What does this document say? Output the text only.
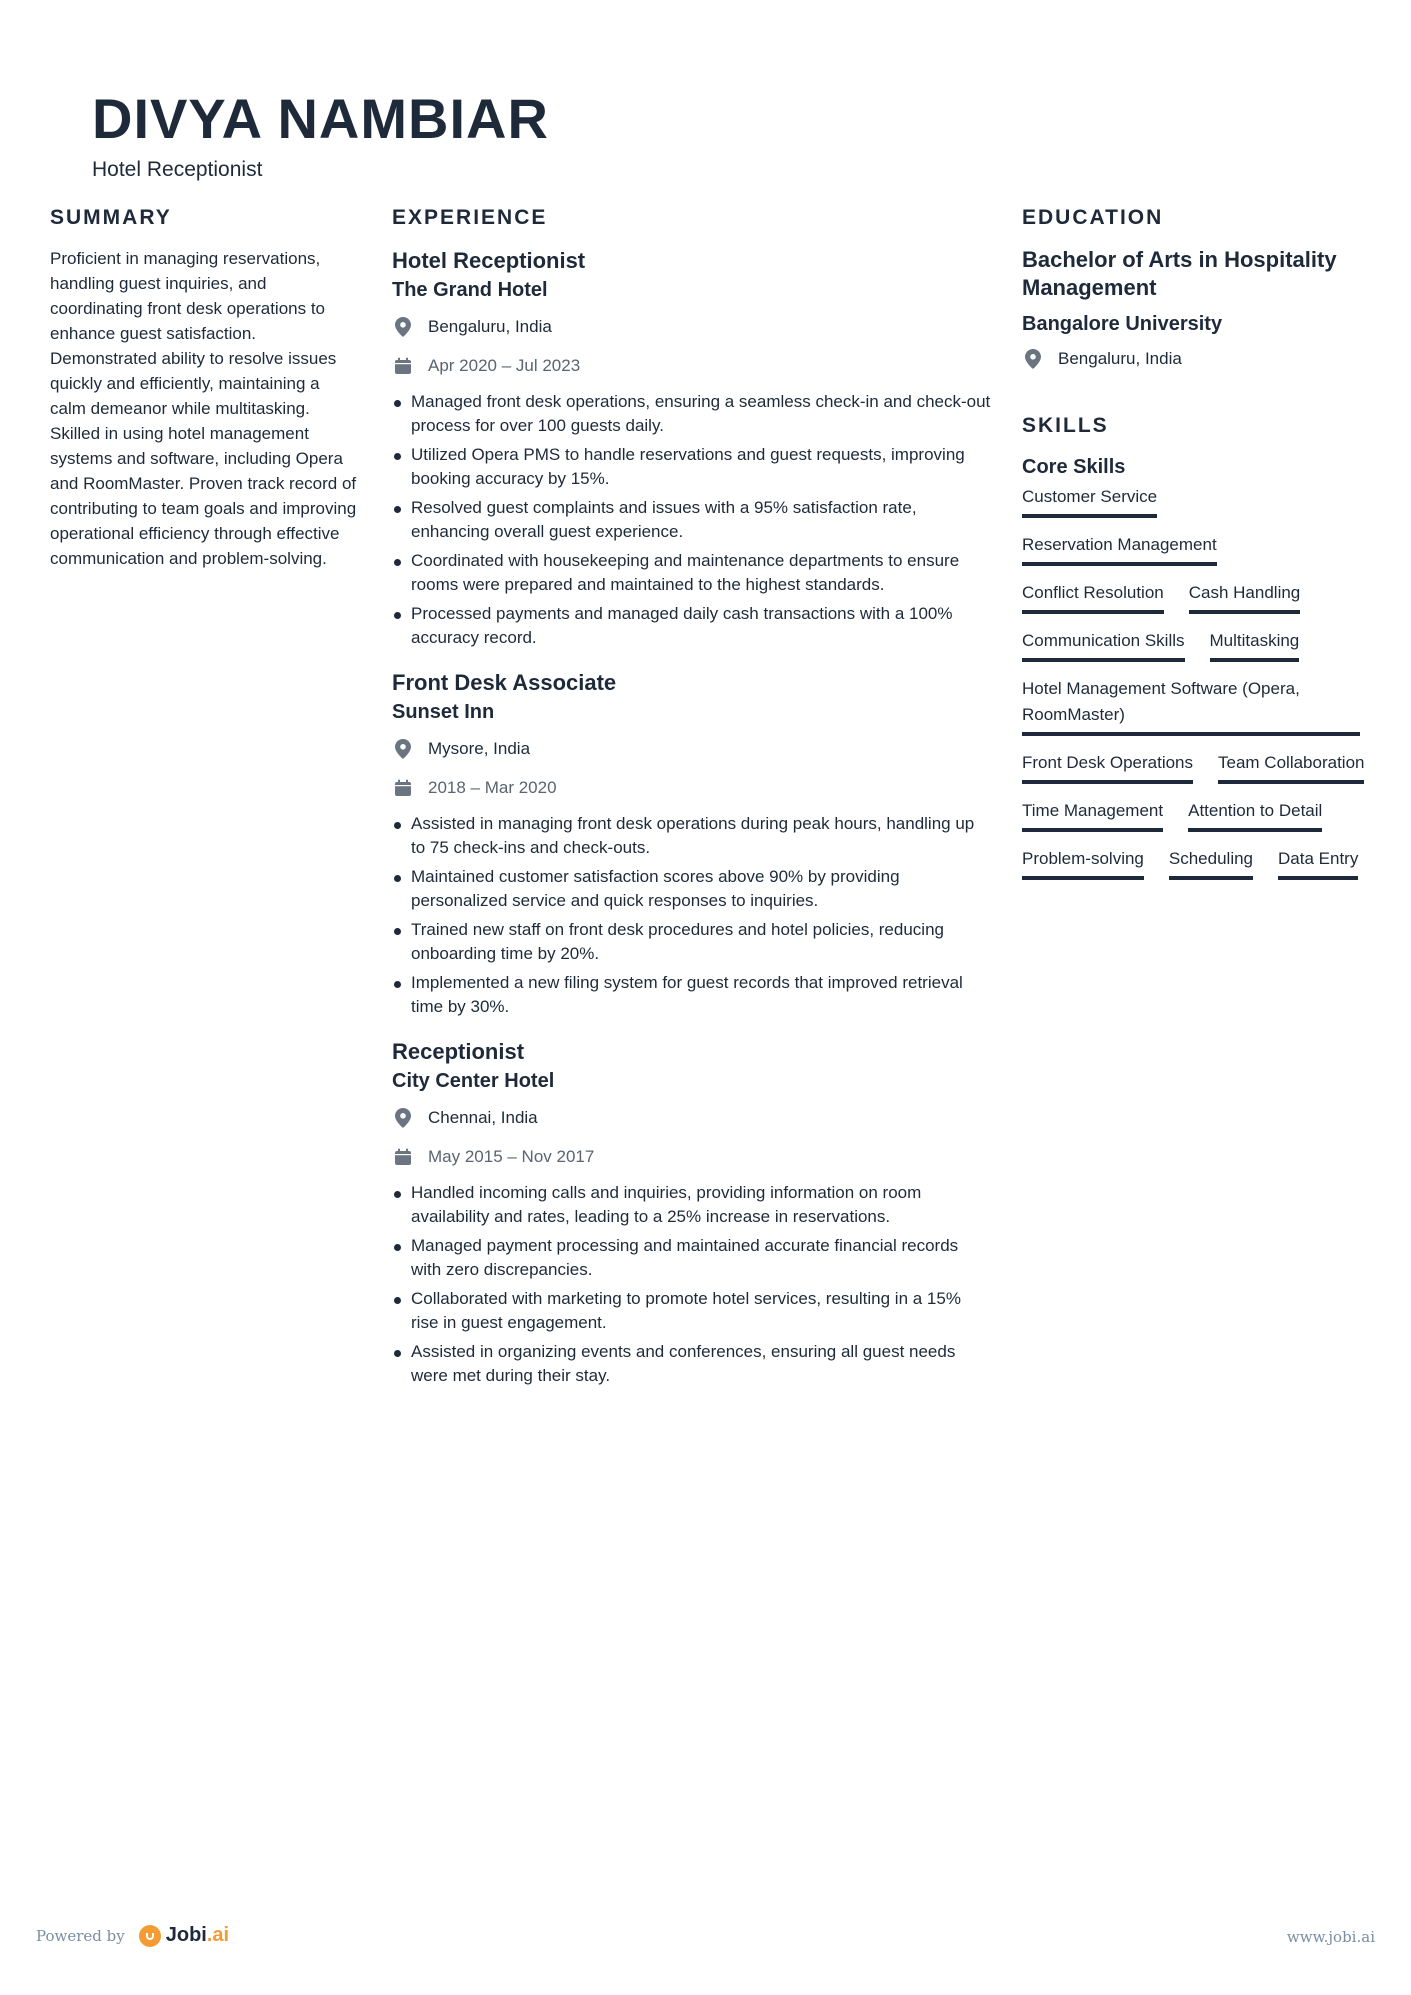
DIVYA NAMBIAR
Hotel Receptionist
SUMMARY
Proficient in managing reservations, handling guest inquiries, and coordinating front desk operations to enhance guest satisfaction. Demonstrated ability to resolve issues quickly and efficiently, maintaining a calm demeanor while multitasking. Skilled in using hotel management systems and software, including Opera and RoomMaster. Proven track record of contributing to team goals and improving operational efficiency through effective communication and problem-solving.
EXPERIENCE
Hotel Receptionist
The Grand Hotel
Bengaluru, India
Apr 2020 – Jul 2023
Managed front desk operations, ensuring a seamless check-in and check-out process for over 100 guests daily.
Utilized Opera PMS to handle reservations and guest requests, improving booking accuracy by 15%.
Resolved guest complaints and issues with a 95% satisfaction rate, enhancing overall guest experience.
Coordinated with housekeeping and maintenance departments to ensure rooms were prepared and maintained to the highest standards.
Processed payments and managed daily cash transactions with a 100% accuracy record.
Front Desk Associate
Sunset Inn
Mysore, India
2018 – Mar 2020
Assisted in managing front desk operations during peak hours, handling up to 75 check-ins and check-outs.
Maintained customer satisfaction scores above 90% by providing personalized service and quick responses to inquiries.
Trained new staff on front desk procedures and hotel policies, reducing onboarding time by 20%.
Implemented a new filing system for guest records that improved retrieval time by 30%.
Receptionist
City Center Hotel
Chennai, India
May 2015 – Nov 2017
Handled incoming calls and inquiries, providing information on room availability and rates, leading to a 25% increase in reservations.
Managed payment processing and maintained accurate financial records with zero discrepancies.
Collaborated with marketing to promote hotel services, resulting in a 15% rise in guest engagement.
Assisted in organizing events and conferences, ensuring all guest needs were met during their stay.
EDUCATION
Bachelor of Arts in Hospitality Management
Bangalore University
Bengaluru, India
SKILLS
Core Skills
Customer Service
Reservation Management
Conflict Resolution Cash Handling
Communication Skills Multitasking
Hotel Management Software (Opera, RoomMaster)
Front Desk Operations Team Collaboration
Time Management Attention to Detail
Problem-solving Scheduling Data Entry
Powered by Jobi .ai	www.jobi.ai
